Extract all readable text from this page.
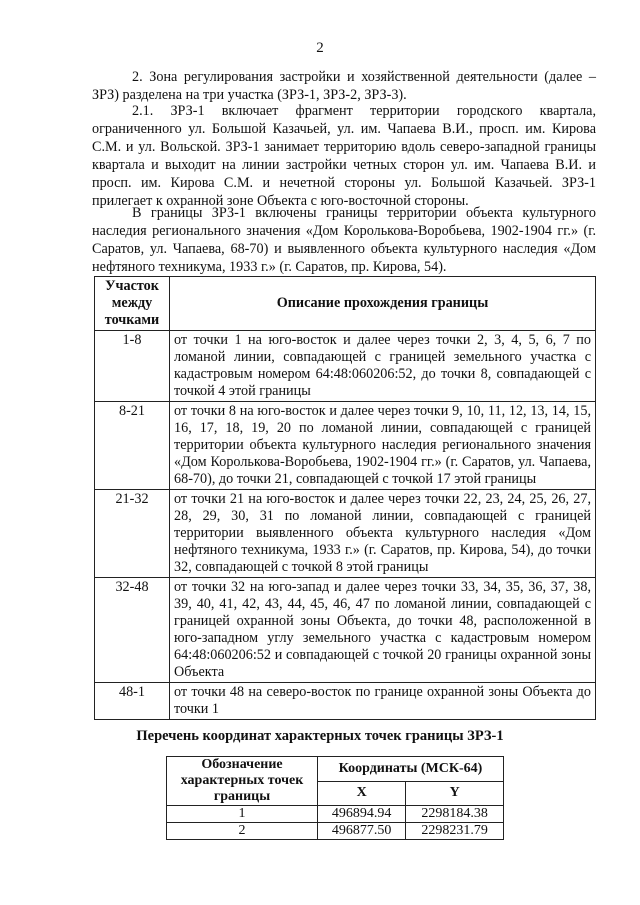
2

2. Зона регулирования застройки и хозяйственной деятельности (далее – ЗРЗ) разделена на три участка (ЗРЗ-1, ЗРЗ-2, ЗРЗ-3).

2.1. ЗРЗ-1 включает фрагмент территории городского квартала, ограниченного ул. Большой Казачьей, ул. им. Чапаева В.И., просп. им. Кирова С.М. и ул. Вольской. ЗРЗ-1 занимает территорию вдоль северо-западной границы квартала и выходит на линии застройки четных сторон ул. им. Чапаева В.И. и просп. им. Кирова С.М. и нечетной стороны ул. Большой Казачьей. ЗРЗ-1 прилегает к охранной зоне Объекта с юго-восточной стороны.

В границы ЗРЗ-1 включены границы территории объекта культурного наследия регионального значения «Дом Королькова-Воробьева, 1902-1904 гг.» (г. Саратов, ул. Чапаева, 68-70) и выявленного объекта культурного наследия «Дом нефтяного техникума, 1933 г.» (г. Саратов, пр. Кирова, 54).

Участок между точками	Описание прохождения границы
1-8	от точки 1 на юго-восток и далее через точки 2, 3, 4, 5, 6, 7 по ломаной линии, совпадающей с границей земельного участка с кадастровым номером 64:48:060206:52, до точки 8, совпадающей с точкой 4 этой границы
8-21	от точки 8 на юго-восток и далее через точки 9, 10, 11, 12, 13, 14, 15, 16, 17, 18, 19, 20 по ломаной линии, совпадающей с границей территории объекта культурного наследия регионального значения «Дом Королькова-Воробьева, 1902-1904 гг.» (г. Саратов, ул. Чапаева, 68-70), до точки 21, совпадающей с точкой 17 этой границы
21-32	от точки 21 на юго-восток и далее через точки 22, 23, 24, 25, 26, 27, 28, 29, 30, 31 по ломаной линии, совпадающей с границей территории выявленного объекта культурного наследия «Дом нефтяного техникума, 1933 г.» (г. Саратов, пр. Кирова, 54), до точки 32, совпадающей с точкой 8 этой границы
32-48	от точки 32 на юго-запад и далее через точки 33, 34, 35, 36, 37, 38, 39, 40, 41, 42, 43, 44, 45, 46, 47 по ломаной линии, совпадающей с границей охранной зоны Объекта, до точки 48, расположенной в юго-западном углу земельного участка с кадастровым номером 64:48:060206:52 и совпадающей с точкой 20 границы охранной зоны Объекта
48-1	от точки 48 на северо-восток по границе охранной зоны Объекта до точки 1
Перечень координат характерных точек границы ЗРЗ-1
Обозначение характерных точек границы	Координаты (МСК-64)	
	X	Y
1	496894.94	2298184.38
2	496877.50	2298231.79
